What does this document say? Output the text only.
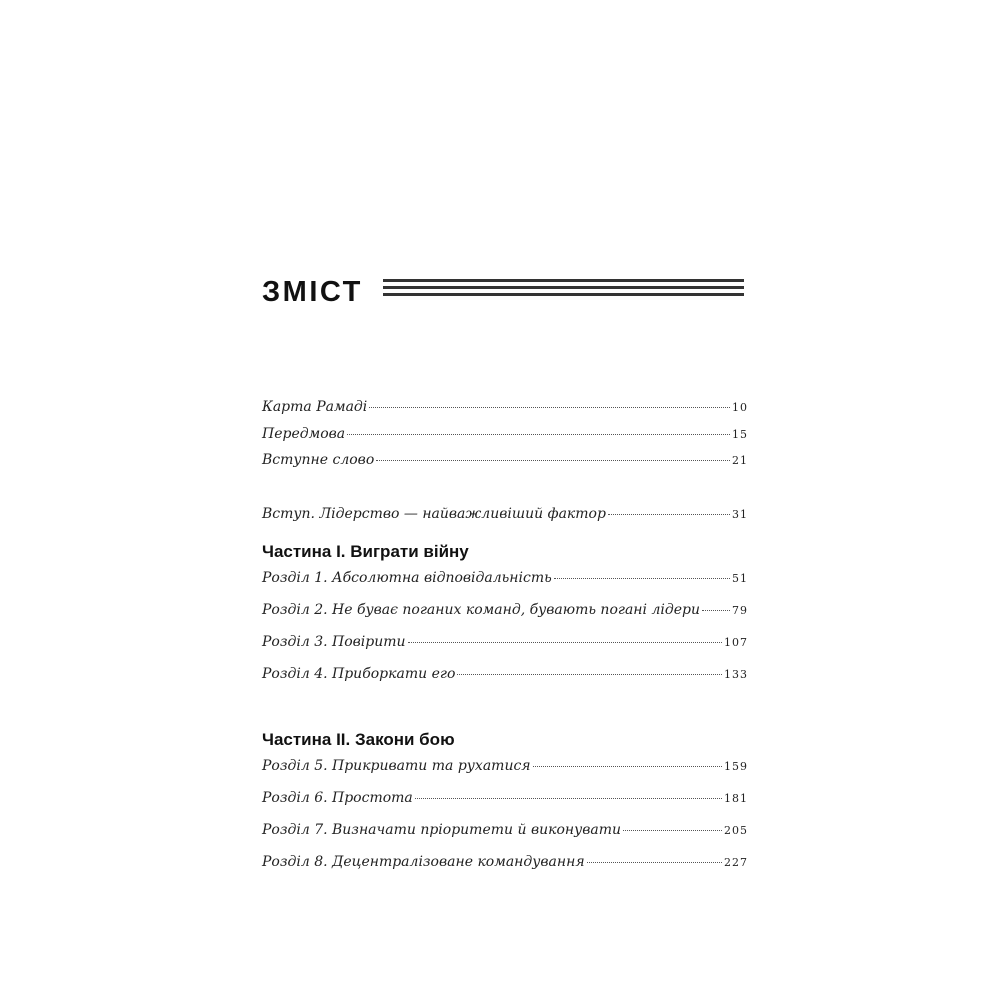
ЗМІСТ
Карта Рамаді	10
Передмова	15
Вступне слово	21
Вступ. Лідерство — найважливіший фактор	31
Частина I. Виграти війну
Розділ 1. Абсолютна відповідальність	51
Розділ 2. Не буває поганих команд, бувають погані лідери	79
Розділ 3. Повірити	107
Розділ 4. Приборкати его	133
Частина II. Закони бою
Розділ 5. Прикривати та рухатися	159
Розділ 6. Простота	181
Розділ 7. Визначати пріоритети й виконувати	205
Розділ 8. Децентралізоване командування	227
